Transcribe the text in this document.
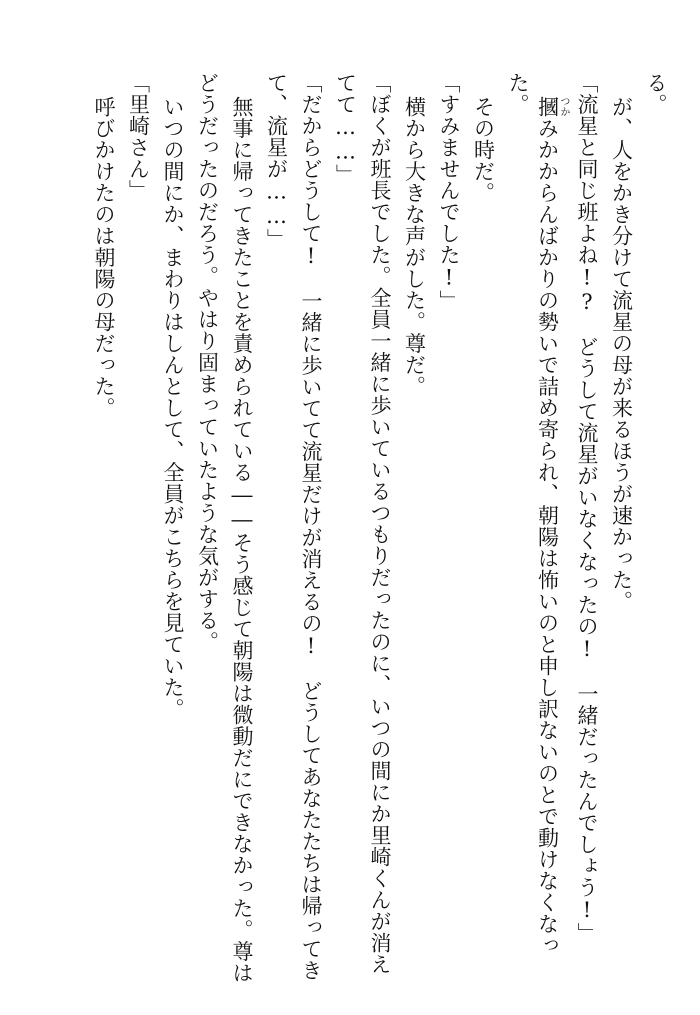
る。
が、人をかき分けて流星の母が来るほうが速かった。
「流星と同じ班よね!?　どうして流星がいなくなったの!　一緒だったんでしょう!」
摑つかみかからんばかりの勢いで詰め寄られ、朝陽は怖いのと申し訳ないのとで動けなくなっ
た。
その時だ。
「すみませんでした!」
横から大きな声がした。尊だ。
「ぼくが班長でした。全員一緒に歩いているつもりだったのに、いつの間にか里崎くんが消え
てて……」
「だからどうして!　一緒に歩いてて流星だけが消えるの!　どうしてあなたたちは帰ってき
て、流星が……」
無事に帰ってきたことを責められている――そう感じて朝陽は微動だにできなかった。尊は
どうだったのだろう。やはり固まっていたような気がする。
いつの間にか、まわりはしんとして、全員がこちらを見ていた。
「里崎さん」
呼びかけたのは朝陽の母だった。
